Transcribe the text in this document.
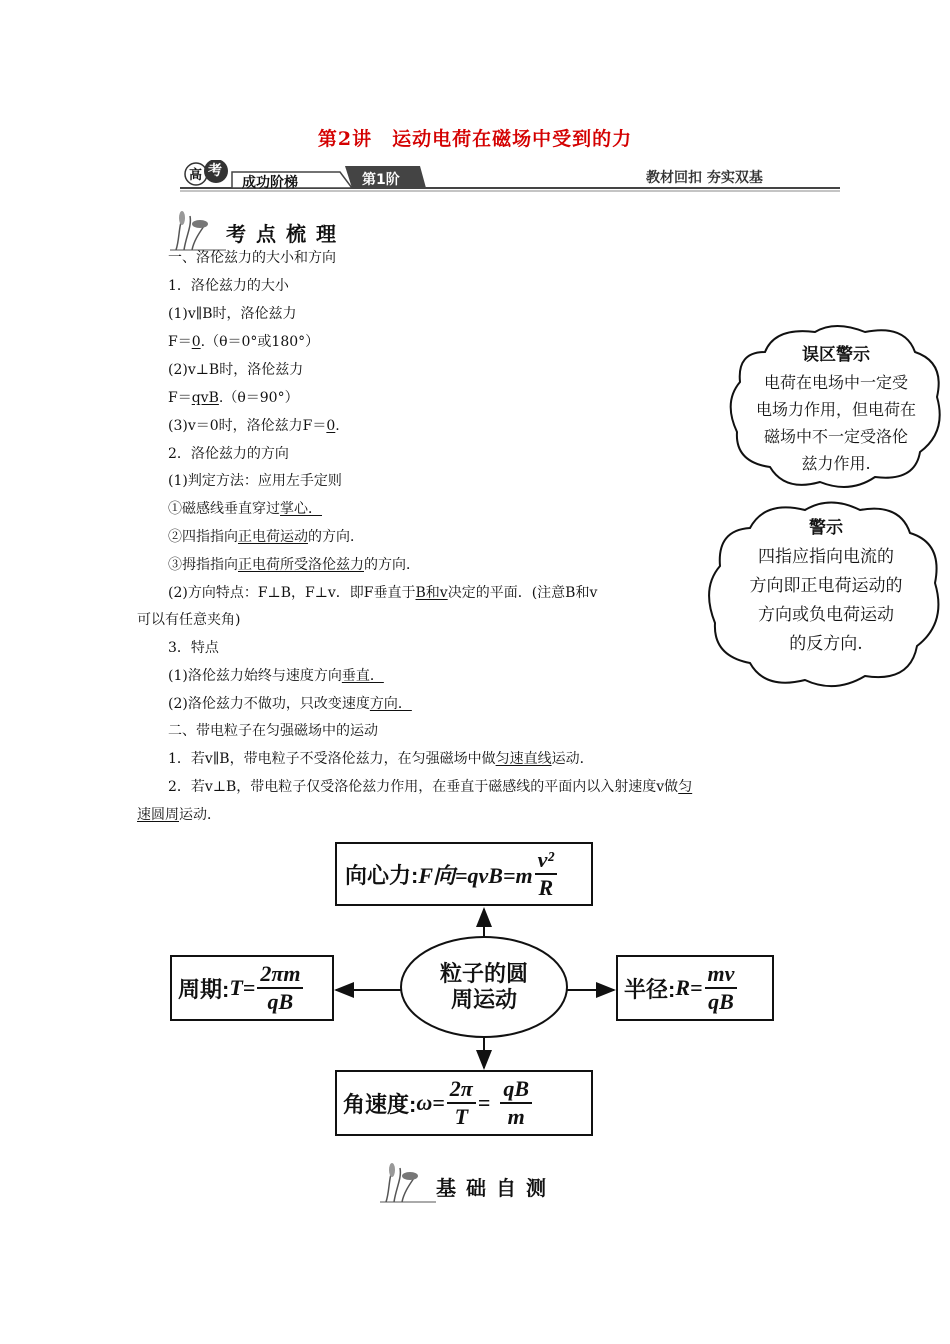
第2讲　运动电荷在磁场中受到的力
高 考
成功阶梯	第1阶	教材回扣 夯实双基
考点梳理
一、洛伦兹力的大小和方向
1．洛伦兹力的大小
(1)v∥B时，洛伦兹力
F＝0.（θ＝0°或180°）
(2)v⊥B时，洛伦兹力
F＝qvB.（θ＝90°）
(3)v＝0时，洛伦兹力F＝0.
2．洛伦兹力的方向
(1)判定方法：应用左手定则
①磁感线垂直穿过掌心．
②四指指向正电荷运动的方向．
③拇指指向正电荷所受洛伦兹力的方向．
(2)方向特点：F⊥B，F⊥v．即F垂直于B和v决定的平面．(注意B和v
可以有任意夹角)
3．特点
(1)洛伦兹力始终与速度方向垂直．
(2)洛伦兹力不做功，只改变速度方向．
二、带电粒子在匀强磁场中的运动
1．若v∥B，带电粒子不受洛伦兹力，在匀强磁场中做匀速直线运动．
2．若v⊥B，带电粒子仅受洛伦兹力作用，在垂直于磁感线的平面内以入射速度v做匀
速圆周运动．
误区警示
电荷在电场中一定受
电场力作用，但电荷在
磁场中不一定受洛伦
兹力作用.
警示
四指应指向电流的
方向即正电荷运动的
方向或负电荷运动
的反方向.
粒子的圆
周运动
向心力: F向$=qvB=m \frac{\text{v²}}{R}$
周期: $T= \frac{2\pi m}{qB}$	半径: $R= \frac{mv}{qB}$
角速度: $\omega= \frac{2\pi}{T} = \frac{qB}{m}$
基础自测
